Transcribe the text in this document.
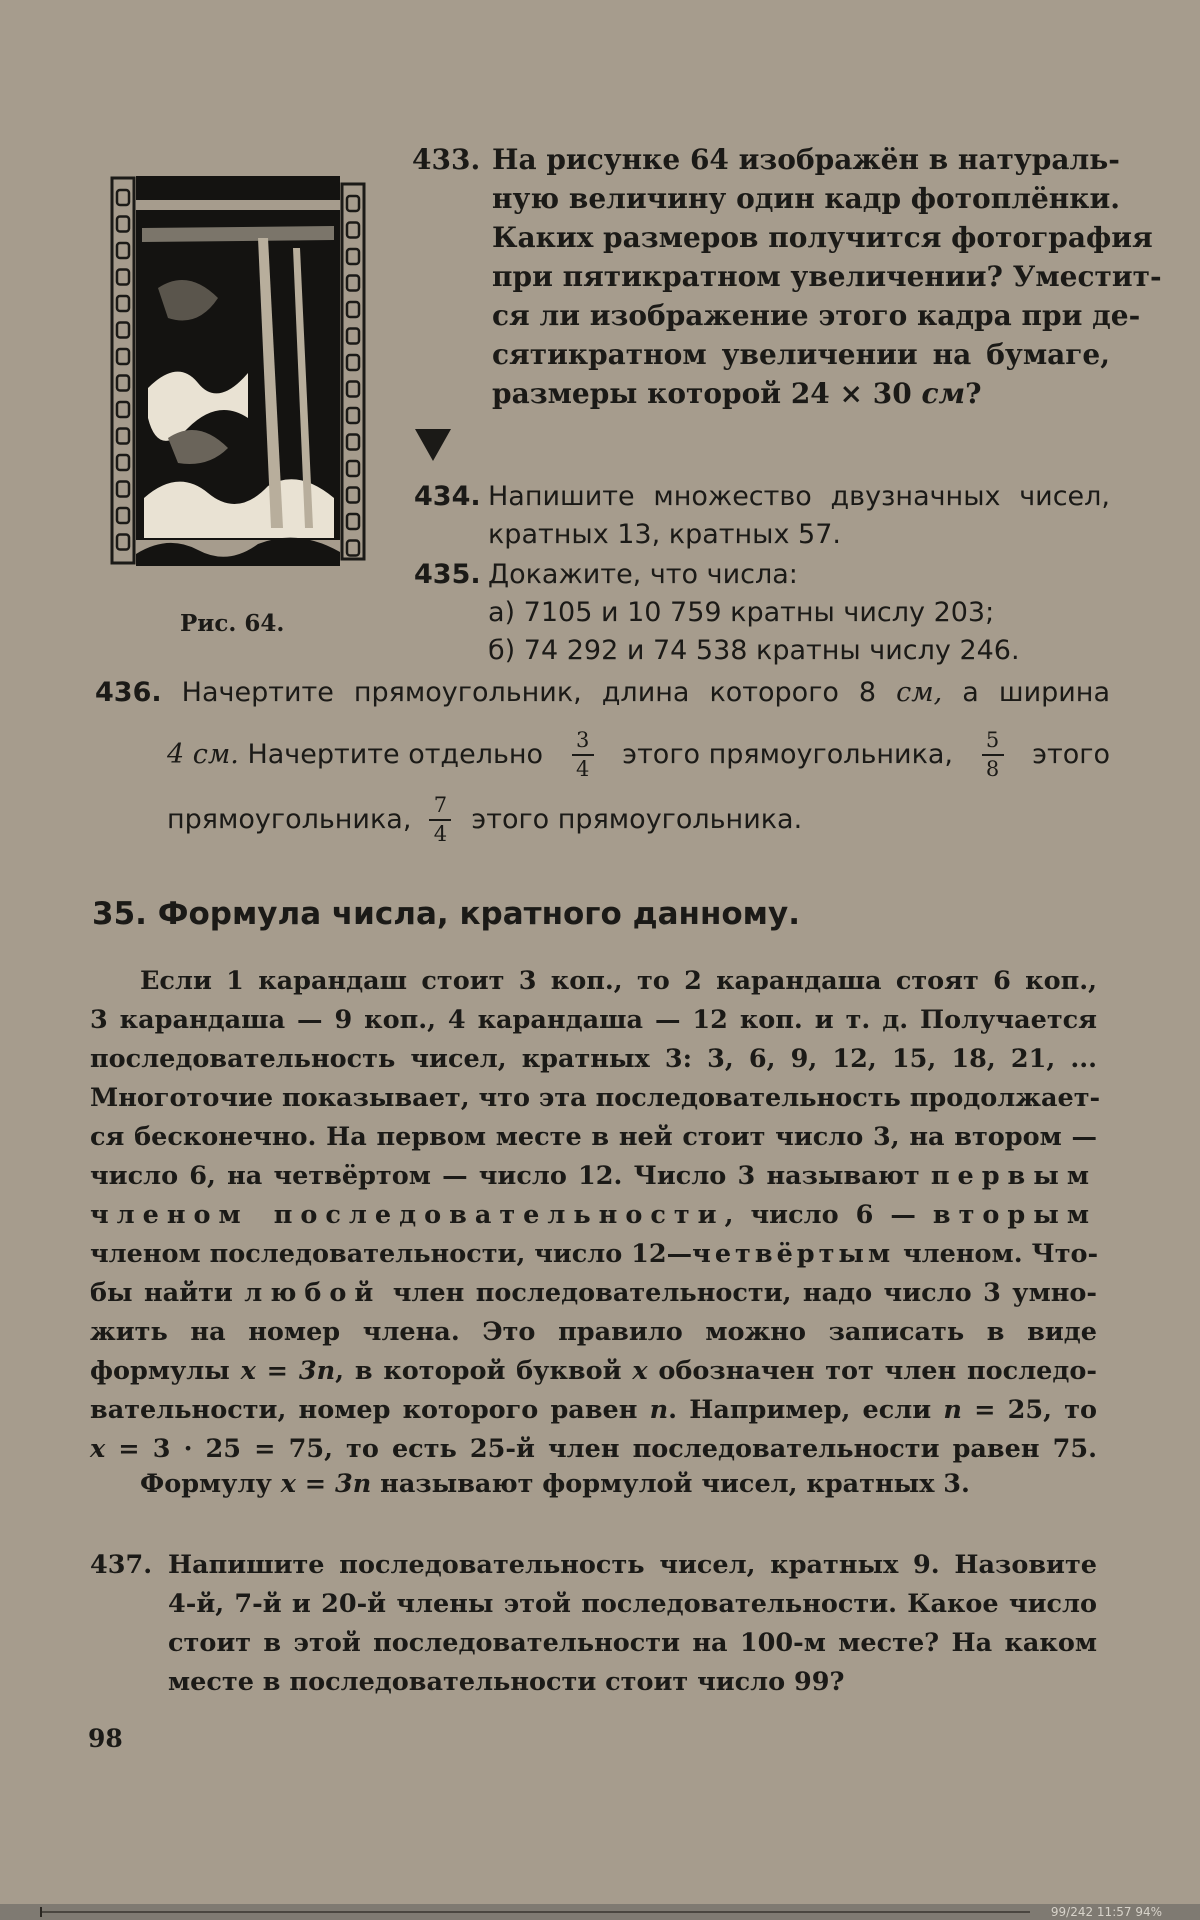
Рис. 64.
433. На рисунке 64 изображён в натураль-
ную величину один кадр фотоплёнки.
Каких размеров получится фотография
при пятикратном увеличении? Уместит-
ся ли изображение этого кадра при де-
сятикратном увеличении на бумаге,
размеры которой 24 × 30 см?
434. Напишите множество двузначных чисел,
кратных 13, кратных 57.
435. Докажите, что числа:
а) 7105 и 10 759 кратны числу 203;
б) 74 292 и 74 538 кратны числу 246.
436. Начертите прямоугольник, длина которого 8 см, а ширина
4 см. Начертите отдельно $\frac{3}{4}$ этого прямоугольника, $\frac{5}{8}$ этого
прямоугольника, $\frac{7}{4}$ этого прямоугольника.
35. Формула числа, кратного данному.
Если 1 карандаш стоит 3 коп., то 2 карандаша стоят 6 коп.,
3 карандаша — 9 коп., 4 карандаша — 12 коп. и т. д. Получается
последовательность чисел, кратных 3: 3, 6, 9, 12, 15, 18, 21, ...
Многоточие показывает, что эта последовательность продолжает-
ся бесконечно. На первом месте в ней стоит число 3, на втором —
число 6, на четвёртом — число 12. Число 3 называют первым
членом последовательности, число 6 — вторым
членом последовательности, число 12—четвёртым членом. Что-
бы найти любой член последовательности, надо число 3 умно-
жить на номер члена. Это правило можно записать в виде
формулы x = 3n, в которой буквой x обозначен тот член последо-
вательности, номер которого равен n. Например, если n = 25, то
x = 3 · 25 = 75, то есть 25-й член последовательности равен 75.
Формулу x = 3n называют формулой чисел, кратных 3.
437. Напишите последовательность чисел, кратных 9. Назовите
4-й, 7-й и 20-й члены этой последовательности. Какое число
стоит в этой последовательности на 100-м месте? На каком
месте в последовательности стоит число 99?
98
99/242 11:57 94%
